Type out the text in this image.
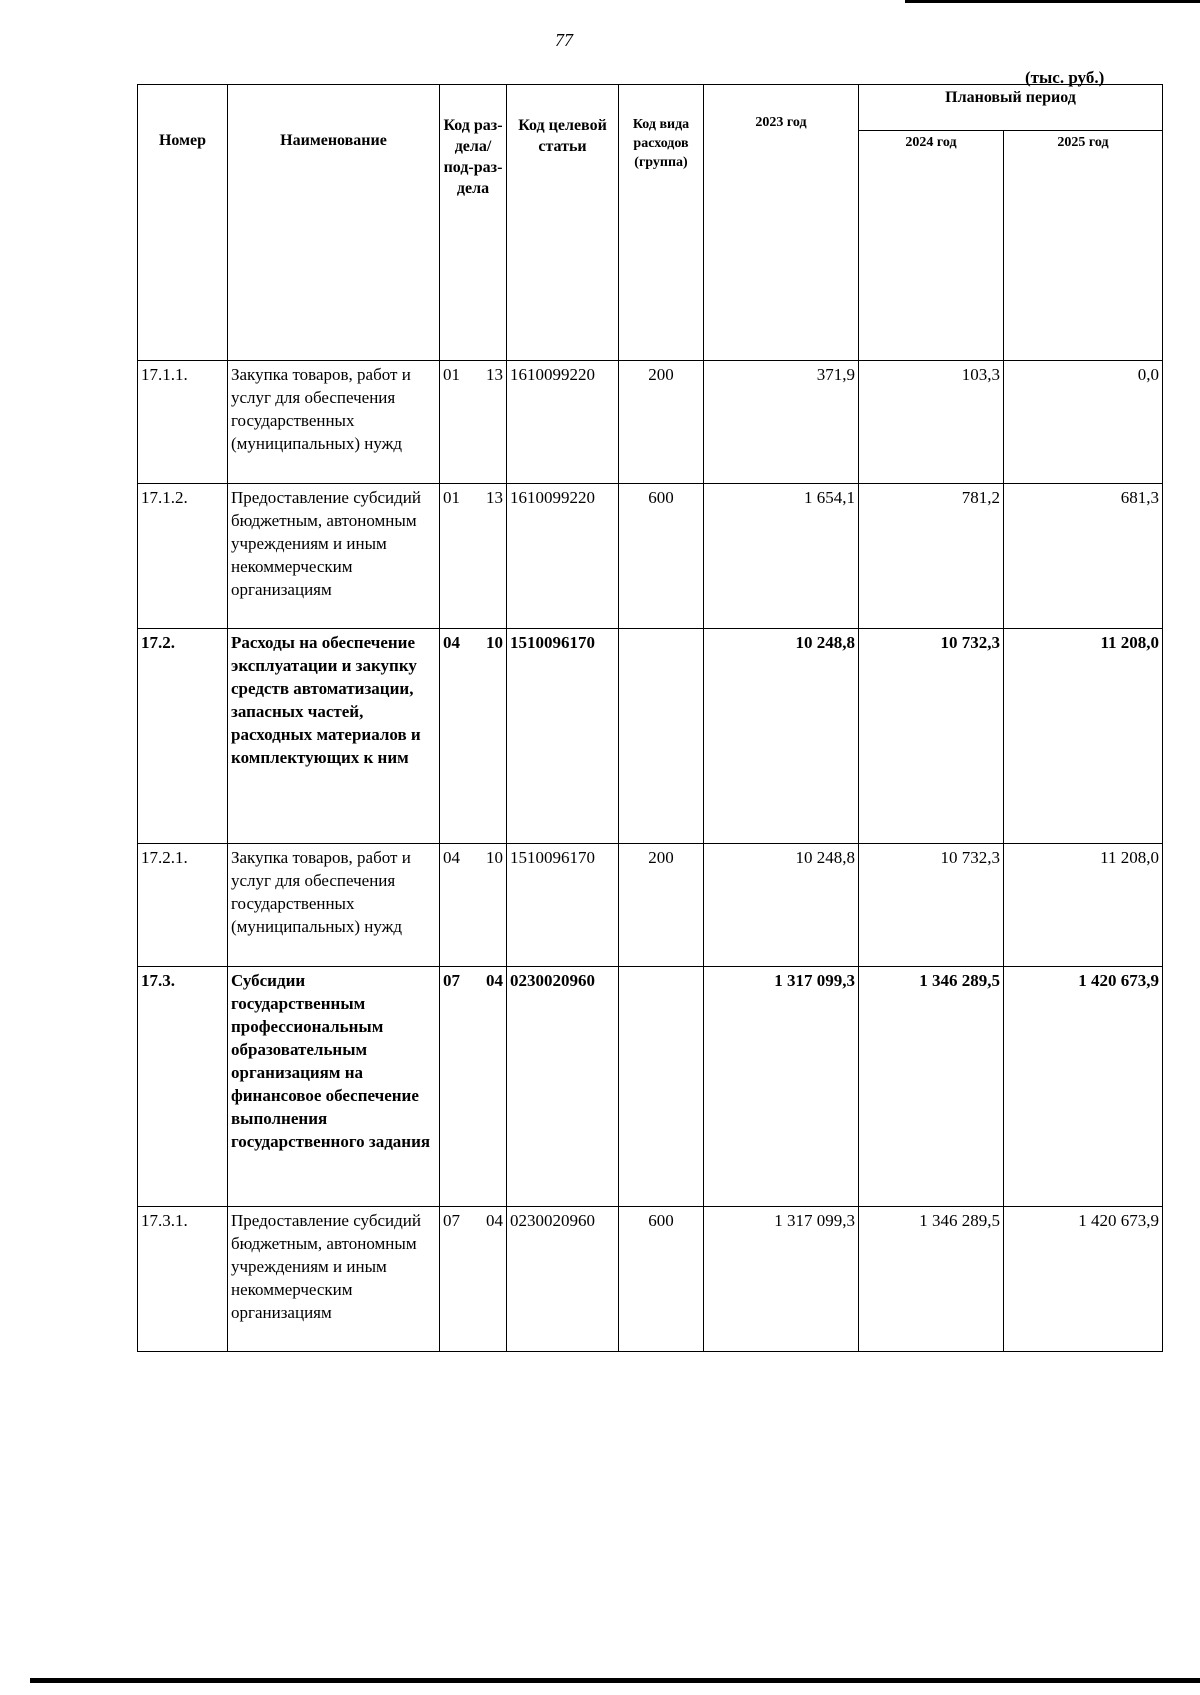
77
(тыс. руб.)
Номер	Наименование	Код раз-дела/ под-раз-дела	Код целевой статьи	Код вида расходов (группа)	2023 год	Плановый период	
						2024 год	2025 год
17.1.1.	Закупка товаров, работ и услуг для обеспечения государственных (муниципальных) нужд	01 13	1610099220	200	371,9	103,3	0,0
17.1.2.	Предоставление субсидий бюджетным, автономным учреждениям и иным некоммерческим организациям	01 13	1610099220	600	1 654,1	781,2	681,3
17.2.	Расходы на обеспечение эксплуатации и закупку средств автоматизации, запасных частей, расходных материалов и комплектующих к ним	04 10	1510096170		10 248,8	10 732,3	11 208,0
17.2.1.	Закупка товаров, работ и услуг для обеспечения государственных (муниципальных) нужд	04 10	1510096170	200	10 248,8	10 732,3	11 208,0
17.3.	Субсидии государственным профессиональным образовательным организациям на финансовое обеспечение выполнения государственного задания	07 04	0230020960		1 317 099,3	1 346 289,5	1 420 673,9
17.3.1.	Предоставление субсидий бюджетным, автономным учреждениям и иным некоммерческим организациям	07 04	0230020960	600	1 317 099,3	1 346 289,5	1 420 673,9
